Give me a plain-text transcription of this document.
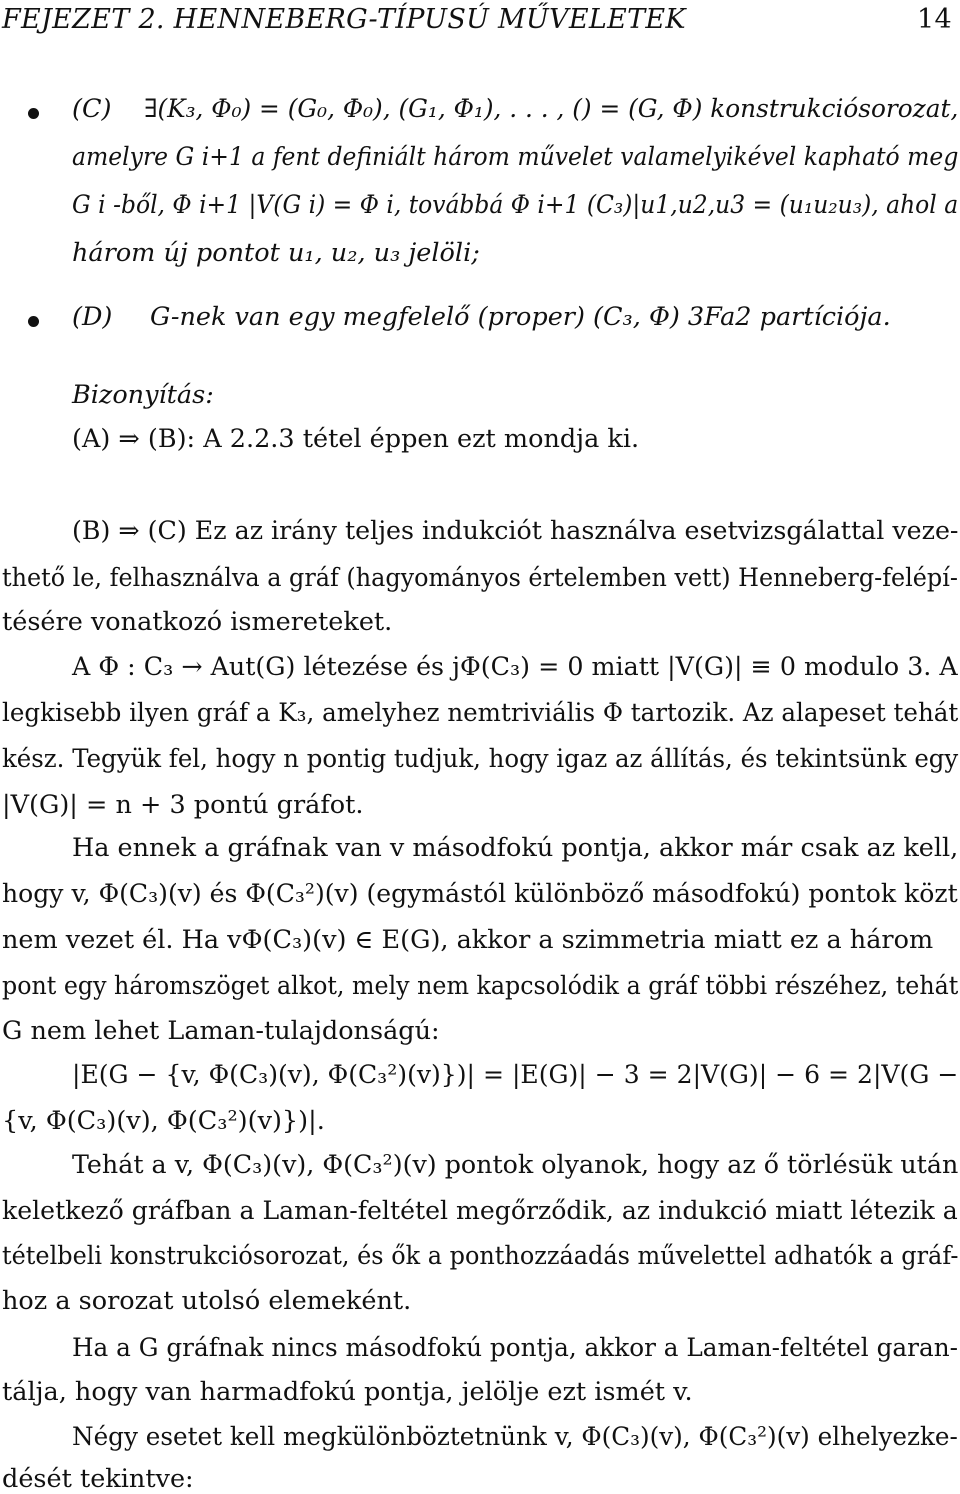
FEJEZET 2. HENNEBERG-TÍPUSÚ MŰVELETEK	14
(C) ∃(K₃, Φ₀) = (G₀, Φ₀), (G₁, Φ₁), . . . , () = (G, Φ) konstrukciósorozat,
amelyre G i+1 a fent definiált három művelet valamelyikével kapható meg
G i -ből, Φ i+1 |V(G i) = Φ i, továbbá Φ i+1 (C₃)|u1,u2,u3 = (u₁u₂u₃), ahol a
három új pontot u₁, u₂, u₃ jelöli;
(D) G-nek van egy megfelelő (proper) (C₃, Φ) 3Fa2 partíciója.
Bizonyítás:
(A) ⇒ (B): A 2.2.3 tétel éppen ezt mondja ki.
(B) ⇒ (C) Ez az irány teljes indukciót használva esetvizsgálattal veze-
thető le, felhasználva a gráf (hagyományos értelemben vett) Henneberg-felépí-
tésére vonatkozó ismereteket.
A Φ : C₃ → Aut(G) létezése és jΦ(C₃) = 0 miatt |V(G)| ≡ 0 modulo 3. A
legkisebb ilyen gráf a K₃, amelyhez nemtriviális Φ tartozik. Az alapeset tehát
kész. Tegyük fel, hogy n pontig tudjuk, hogy igaz az állítás, és tekintsünk egy
|V(G)| = n + 3 pontú gráfot.
Ha ennek a gráfnak van v másodfokú pontja, akkor már csak az kell,
hogy v, Φ(C₃)(v) és Φ(C₃²)(v) (egymástól különböző másodfokú) pontok közt
nem vezet él. Ha vΦ(C₃)(v) ∈ E(G), akkor a szimmetria miatt ez a három
pont egy háromszöget alkot, mely nem kapcsolódik a gráf többi részéhez, tehát
G nem lehet Laman-tulajdonságú:
|E(G − {v, Φ(C₃)(v), Φ(C₃²)(v)})| = |E(G)| − 3 = 2|V(G)| − 6 = 2|V(G −
{v, Φ(C₃)(v), Φ(C₃²)(v)})|.
Tehát a v, Φ(C₃)(v), Φ(C₃²)(v) pontok olyanok, hogy az ő törlésük után
keletkező gráfban a Laman-feltétel megőrződik, az indukció miatt létezik a
tételbeli konstrukciósorozat, és ők a ponthozzáadás művelettel adhatók a gráf-
hoz a sorozat utolsó elemeként.
Ha a G gráfnak nincs másodfokú pontja, akkor a Laman-feltétel garan-
tálja, hogy van harmadfokú pontja, jelölje ezt ismét v.
Négy esetet kell megkülönböztetnünk v, Φ(C₃)(v), Φ(C₃²)(v) elhelyezke-
dését tekintve:
